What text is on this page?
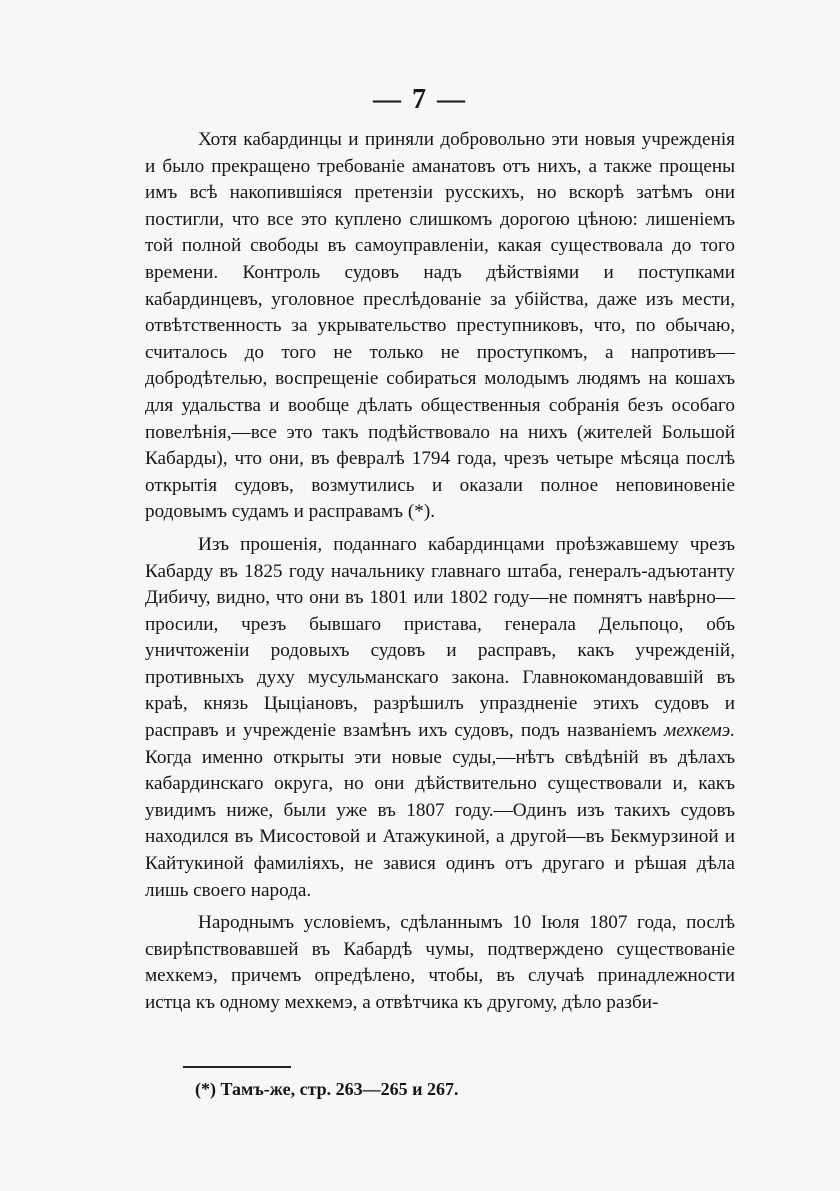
— 7 —

Хотя кабардинцы и приняли добровольно эти новыя учрежденія и было прекращено требованіе аманатовъ отъ нихъ, а также прощены имъ всѣ накопившіяся претензіи русскихъ, но вскорѣ затѣмъ они постигли, что все это куплено слишкомъ дорогою цѣною: лишеніемъ той полной свободы въ самоуправленіи, какая существовала до того времени. Контроль судовъ надъ дѣйствіями и поступками кабардинцевъ, уголовное преслѣдованіе за убійства, даже изъ мести, отвѣтственность за укрывательство преступниковъ, что, по обычаю, считалось до того не только не проступкомъ, а напротивъ—добродѣтелью, воспрещеніе собираться молодымъ людямъ на кошахъ для удальства и вообще дѣлать общественныя собранія безъ особаго повелѣнія,—все это такъ подѣйствовало на нихъ (жителей Большой Кабарды), что они, въ февралѣ 1794 года, чрезъ четыре мѣсяца послѣ открытія судовъ, возмутились и оказали полное неповиновеніе родовымъ судамъ и расправамъ (*).

Изъ прошенія, поданнаго кабардинцами проѣзжавшему чрезъ Кабарду въ 1825 году начальнику главнаго штаба, генералъ-адъютанту Дибичу, видно, что они въ 1801 или 1802 году—не помнятъ навѣрно—просили, чрезъ бывшаго пристава, генерала Дельпоцо, объ уничтоженіи родовыхъ судовъ и расправъ, какъ учрежденій, противныхъ духу мусульманскаго закона. Главнокомандовавшій въ краѣ, князь Цыціановъ, разрѣшилъ упраздненіе этихъ судовъ и расправъ и учрежденіе взамѣнъ ихъ судовъ, подъ названіемъ мехкемэ. Когда именно открыты эти новые суды,—нѣтъ свѣдѣній въ дѣлахъ кабардинскаго округа, но они дѣйствительно существовали и, какъ увидимъ ниже, были уже въ 1807 году.—Одинъ изъ такихъ судовъ находился въ Мисостовой и Атажукиной, а другой—въ Бекмурзиной и Кайтукиной фамиліяхъ, не завися одинъ отъ другаго и рѣшая дѣла лишь своего народа.

Народнымъ условіемъ, сдѣланнымъ 10 Іюля 1807 года, послѣ свирѣпствовавшей въ Кабардѣ чумы, подтверждено существованіе мехкемэ, причемъ опредѣлено, чтобы, въ случаѣ принадлежности истца къ одному мехкемэ, а отвѣтчика къ другому, дѣло разби-

(*) Тамъ-же, стр. 263—265 и 267.
